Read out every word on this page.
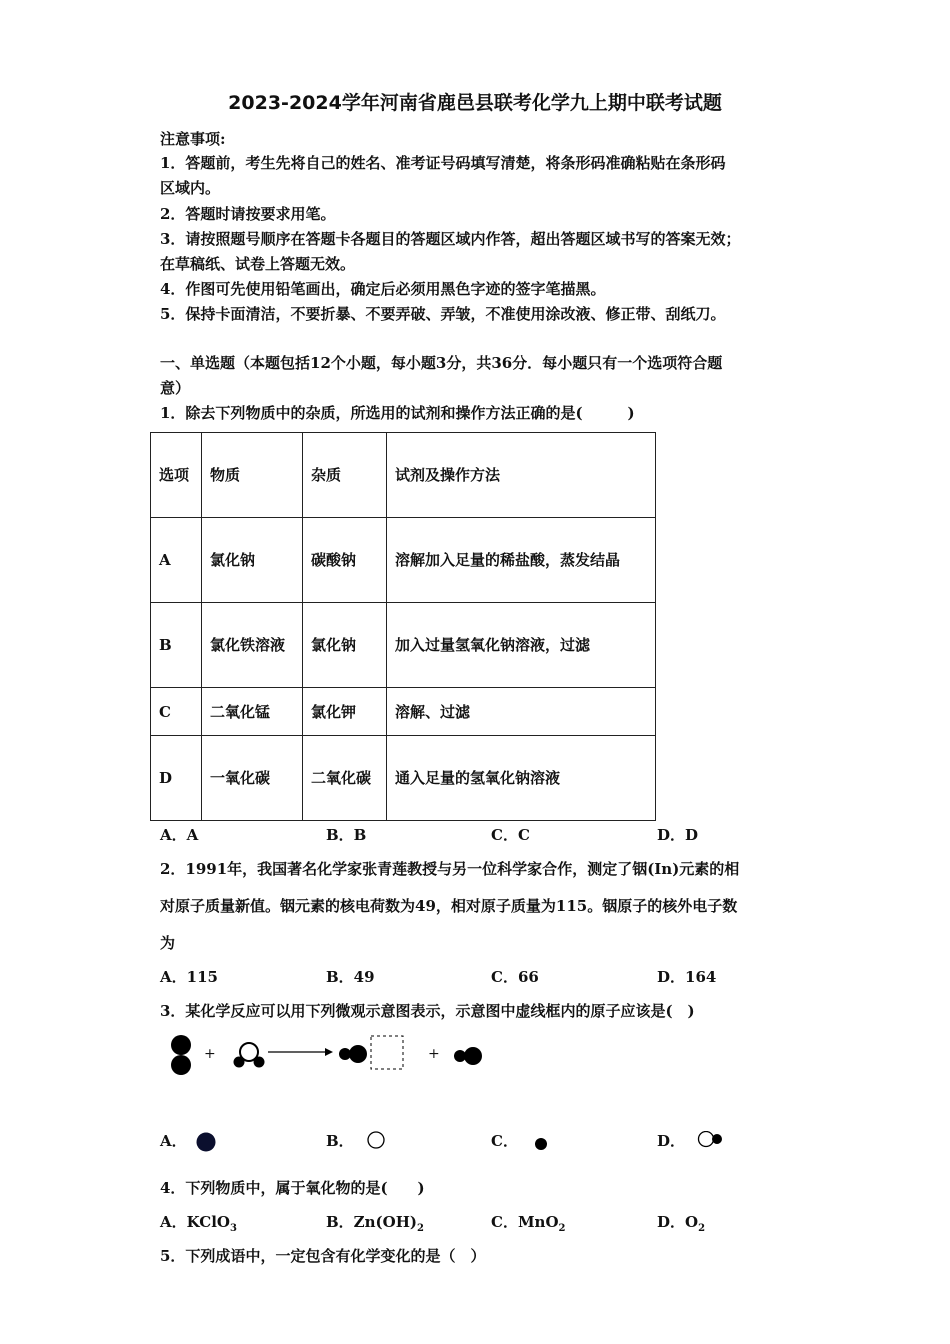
2023-2024学年河南省鹿邑县联考化学九上期中联考试题
注意事项:
1．答题前，考生先将自己的姓名、准考证号码填写清楚，将条形码准确粘贴在条形码
区域内。
2．答题时请按要求用笔。
3．请按照题号顺序在答题卡各题目的答题区域内作答，超出答题区域书写的答案无效；
在草稿纸、试卷上答题无效。
4．作图可先使用铅笔画出，确定后必须用黑色字迹的签字笔描黑。
5．保持卡面清洁，不要折暴、不要弄破、弄皱，不准使用涂改液、修正带、刮纸刀。
一、单选题（本题包括12个小题，每小题3分，共36分．每小题只有一个选项符合题
意）
1．除去下列物质中的杂质，所选用的试剂和操作方法正确的是(　　　)
选项	物质	杂质	试剂及操作方法
A	氯化钠	碳酸钠	溶解加入足量的稀盐酸，蒸发结晶
B	氯化铁溶液	氯化钠	加入过量氢氧化钠溶液，过滤
C	二氧化锰	氯化钾	溶解、过滤
D	一氧化碳	二氧化碳	通入足量的氢氧化钠溶液
A．A	B．B	C．C	D．D
2．1991年，我国著名化学家张青莲教授与另一位科学家合作，测定了铟(In)元素的相
对原子质量新值。铟元素的核电荷数为49，相对原子质量为115。铟原子的核外电子数
为
A．115	B．49	C．66	D．164
3．某化学反应可以用下列微观示意图表示，示意图中虚线框内的原子应该是(　)
+	+
A．	B．	C．	D．
4．下列物质中，属于氧化物的是(　　)
A．KClO$_3$	B．$Zn(OH)_2$	C．MnO$_2$	D．$O_2$
5．下列成语中，一定包含有化学变化的是（　）
